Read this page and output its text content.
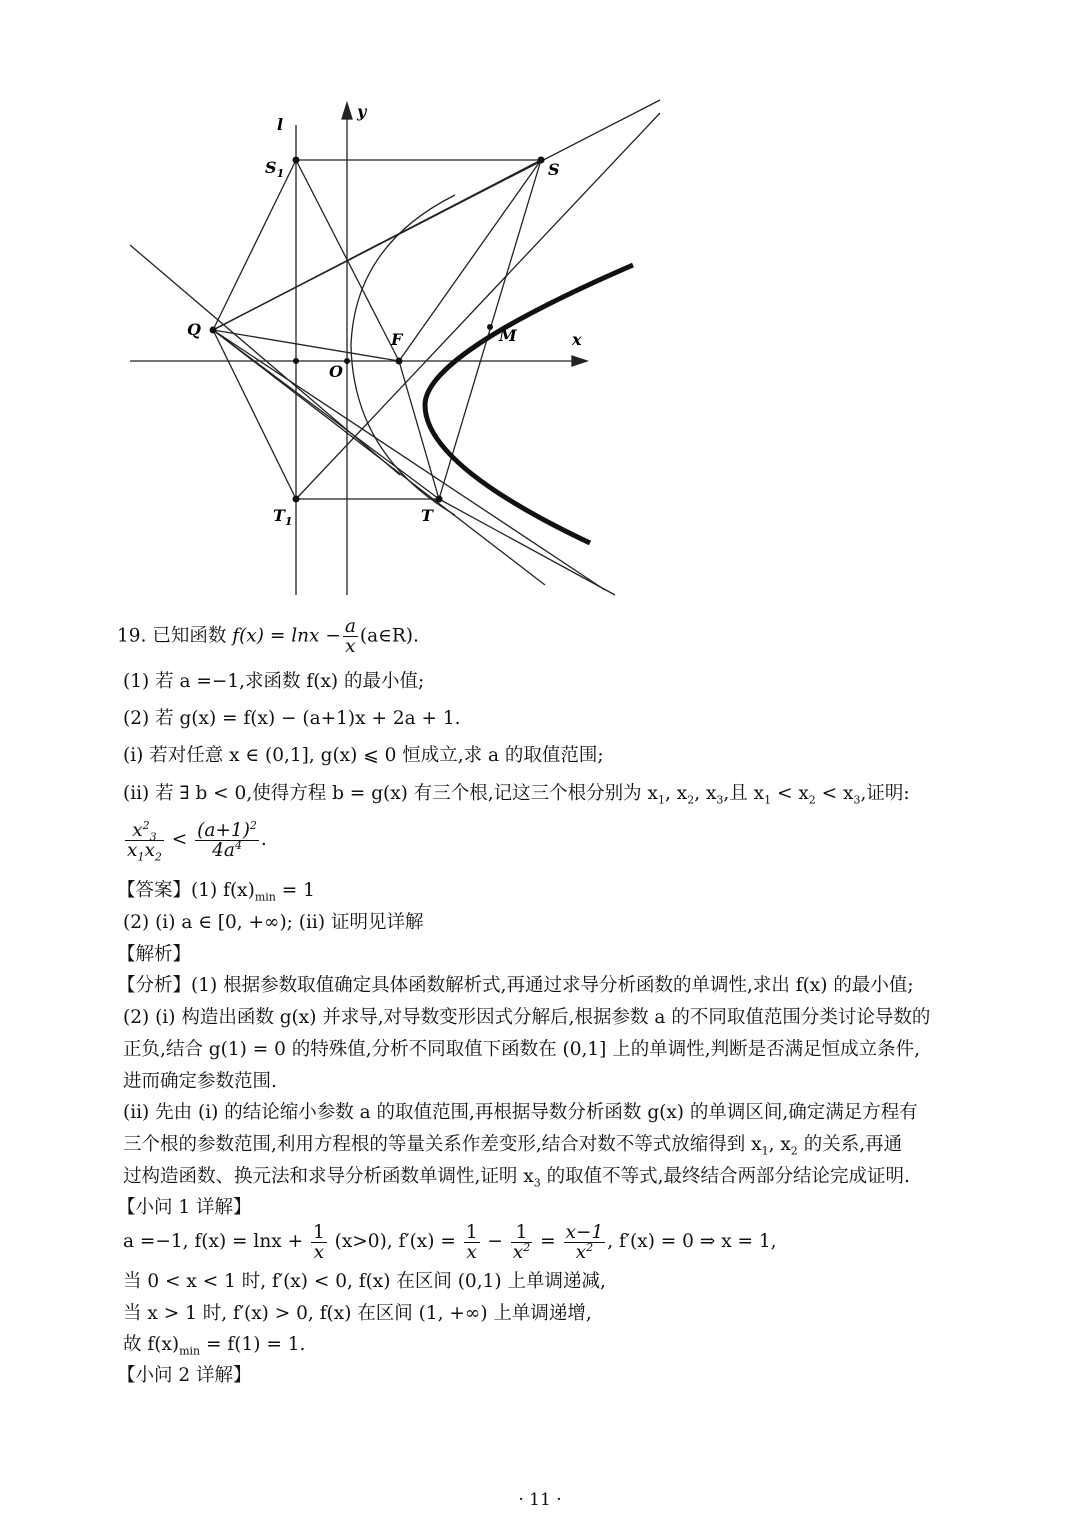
l
y
x
$S_1$	S
Q
F	M
O
$T_1$	T
19. 已知函数 $f(x) = \ln x - \frac{a}{x}$ (a∈R).
(1) 若 a =−1,求函数 f(x) 的最小值;
(2) 若 g(x) = f(x) − (a+1)x + 2a + 1.
(i) 若对任意 x ∈ (0,1], g(x) ⩽ 0 恒成立,求 a 的取值范围;
(ii) 若 ∃ b < 0,使得方程 b = g(x) 有三个根,记这三个根分别为 $x_1$, $x_2$, $x_3$,且 $x_1 < x_2 < x_3$,证明:
$\frac{x^2_3}{x_1x_2} < \frac{(a+1)^2}{4a^4}$ .
【答案】(1) $f(x)_{min} = 1$
(2) (i) a ∈ [0, +∞); (ii) 证明见详解
【解析】
【分析】(1) 根据参数取值确定具体函数解析式,再通过求导分析函数的单调性,求出 f(x) 的最小值;
(2) (i) 构造出函数 g(x) 并求导,对导数变形因式分解后,根据参数 a 的不同取值范围分类讨论导数的
正负,结合 g(1) = 0 的特殊值,分析不同取值下函数在 (0,1] 上的单调性,判断是否满足恒成立条件,
进而确定参数范围.
(ii) 先由 (i) 的结论缩小参数 a 的取值范围,再根据导数分析函数 g(x) 的单调区间,确定满足方程有
三个根的参数范围,利用方程根的等量关系作差变形,结合对数不等式放缩得到 $x_1$, $x_2$ 的关系,再通
过构造函数、换元法和求导分析函数单调性,证明 $x_3$ 的取值不等式,最终结合两部分结论完成证明.
【小问 1 详解】
a =−1, $f(x) = \ln x + \frac{1}{x} (x>0)$, $f'(x) = \frac{1}{x} - \frac{1}{x^2} = \frac{x-1}{x^2}$ , f′(x) = 0 ⇒ x = 1,
当 0 < x < 1 时, f′(x) < 0, f(x) 在区间 (0,1) 上单调递减,
当 x > 1 时, f′(x) > 0, f(x) 在区间 (1, +∞) 上单调递增,
故 $f(x)_{min} = f(1) = 1$.
【小问 2 详解】
· 11 ·
